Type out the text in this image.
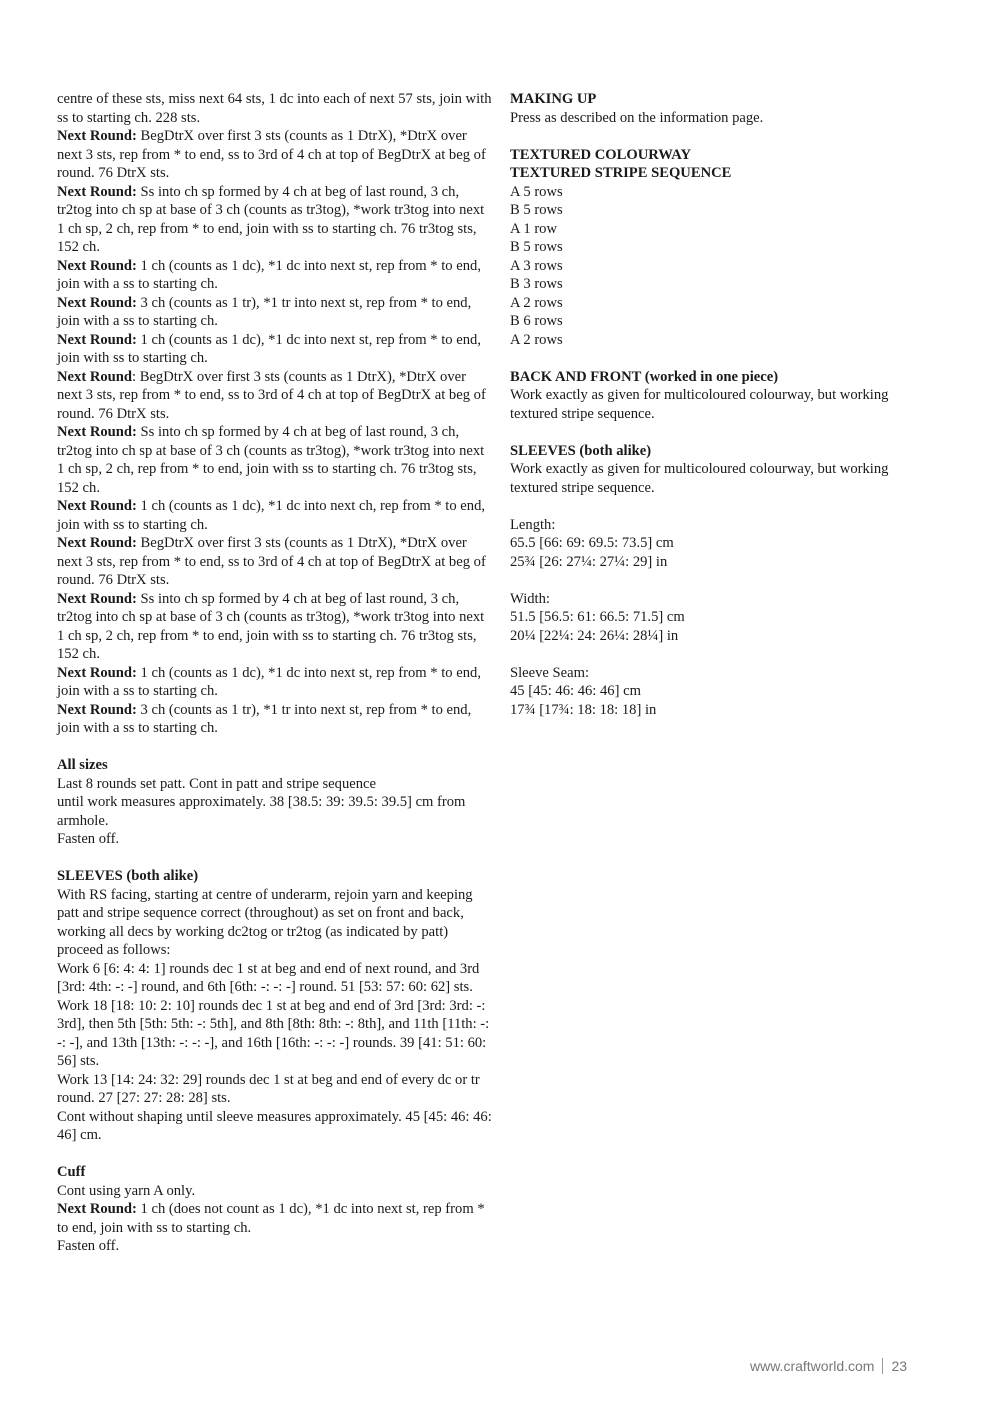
centre of these sts, miss next 64 sts, 1 dc into each of next 57 sts, join with ss to starting ch. 228 sts.

Next Round: BegDtrX over first 3 sts (counts as 1 DtrX), *DtrX over next 3 sts, rep from * to end, ss to 3rd of 4 ch at top of BegDtrX at beg of round. 76 DtrX sts.

Next Round: Ss into ch sp formed by 4 ch at beg of last round, 3 ch, tr2tog into ch sp at base of 3 ch (counts as tr3tog), *work tr3tog into next 1 ch sp, 2 ch, rep from * to end, join with ss to starting ch. 76 tr3tog sts, 152 ch.

Next Round: 1 ch (counts as 1 dc), *1 dc into next st, rep from * to end, join with a ss to starting ch.

Next Round: 3 ch (counts as 1 tr), *1 tr into next st, rep from * to end, join with a ss to starting ch.

Next Round: 1 ch (counts as 1 dc), *1 dc into next st, rep from * to end, join with ss to starting ch.

Next Round: BegDtrX over first 3 sts (counts as 1 DtrX), *DtrX over next 3 sts, rep from * to end, ss to 3rd of 4 ch at top of BegDtrX at beg of round. 76 DtrX sts.

Next Round: Ss into ch sp formed by 4 ch at beg of last round, 3 ch, tr2tog into ch sp at base of 3 ch (counts as tr3tog), *work tr3tog into next 1 ch sp, 2 ch, rep from * to end, join with ss to starting ch. 76 tr3tog sts, 152 ch.

Next Round: 1 ch (counts as 1 dc), *1 dc into next ch, rep from * to end, join with ss to starting ch.

Next Round: BegDtrX over first 3 sts (counts as 1 DtrX), *DtrX over next 3 sts, rep from * to end, ss to 3rd of 4 ch at top of BegDtrX at beg of round. 76 DtrX sts.

Next Round: Ss into ch sp formed by 4 ch at beg of last round, 3 ch, tr2tog into ch sp at base of 3 ch (counts as tr3tog), *work tr3tog into next 1 ch sp, 2 ch, rep from * to end, join with ss to starting ch. 76 tr3tog sts, 152 ch.

Next Round: 1 ch (counts as 1 dc), *1 dc into next st, rep from * to end, join with a ss to starting ch.

Next Round: 3 ch (counts as 1 tr), *1 tr into next st, rep from * to end, join with a ss to starting ch.

All sizes

Last 8 rounds set patt. Cont in patt and stripe sequence

until work measures approximately. 38 [38.5: 39: 39.5: 39.5] cm from armhole.

Fasten off.

SLEEVES (both alike)

With RS facing, starting at centre of underarm, rejoin yarn and keeping patt and stripe sequence correct (throughout) as set on front and back, working all decs by working dc2tog or tr2tog (as indicated by patt) proceed as follows:

Work 6 [6: 4: 4: 1] rounds dec 1 st at beg and end of next round, and 3rd [3rd: 4th: -: -] round, and 6th [6th: -: -: -] round. 51 [53: 57: 60: 62] sts.

Work 18 [18: 10: 2: 10] rounds dec 1 st at beg and end of 3rd [3rd: 3rd: -: 3rd], then 5th [5th: 5th: -: 5th], and 8th [8th: 8th: -: 8th], and 11th [11th: -: -: -], and 13th [13th: -: -: -], and 16th [16th: -: -: -] rounds. 39 [41: 51: 60: 56] sts.

Work 13 [14: 24: 32: 29] rounds dec 1 st at beg and end of every dc or tr round. 27 [27: 27: 28: 28] sts.

Cont without shaping until sleeve measures approximately. 45 [45: 46: 46: 46] cm.

Cuff

Cont using yarn A only.

Next Round: 1 ch (does not count as 1 dc), *1 dc into next st, rep from * to end, join with ss to starting ch.

Fasten off.

MAKING UP

Press as described on the information page.

TEXTURED COLOURWAY

TEXTURED STRIPE SEQUENCE

A 5 rows

B 5 rows

A 1 row

B 5 rows

A 3 rows

B 3 rows

A 2 rows

B 6 rows

A 2 rows

BACK AND FRONT (worked in one piece)

Work exactly as given for multicoloured colourway, but working textured stripe sequence.

SLEEVES (both alike)

Work exactly as given for multicoloured colourway, but working textured stripe sequence.

Length:

65.5 [66: 69: 69.5: 73.5] cm

25¾ [26: 27¼: 27¼: 29] in

Width:

51.5 [56.5: 61: 66.5: 71.5] cm

20¼ [22¼: 24: 26¼: 28¼] in

Sleeve Seam:

45 [45: 46: 46: 46] cm

17¾ [17¾: 18: 18: 18] in

www.craftworld.com 23
